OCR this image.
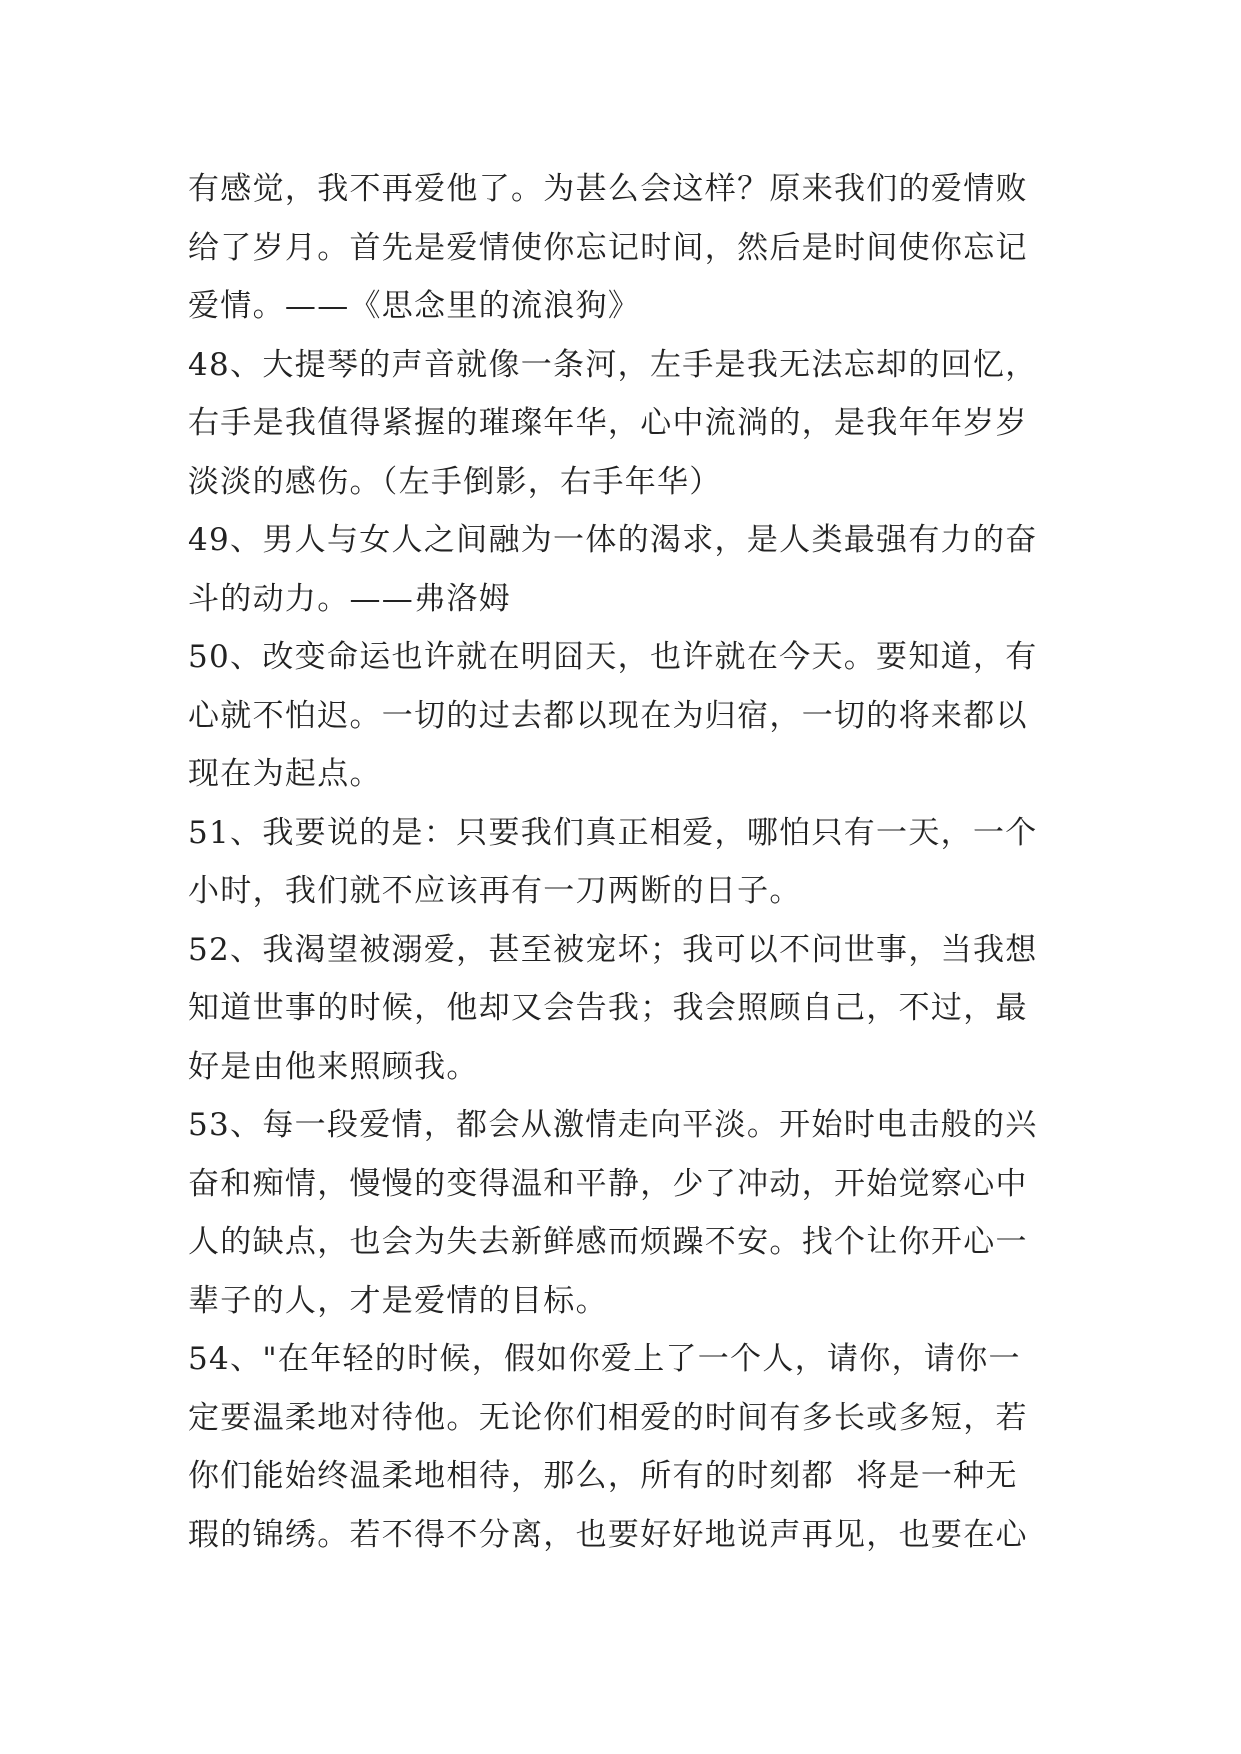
有感觉，我不再爱他了。为甚么会这样？原来我们的爱情败
给了岁月。首先是爱情使你忘记时间，然后是时间使你忘记
爱情。——《思念里的流浪狗》
48、大提琴的声音就像一条河，左手是我无法忘却的回忆，
右手是我值得紧握的璀璨年华，心中流淌的，是我年年岁岁
淡淡的感伤。（左手倒影，右手年华）
49、男人与女人之间融为一体的渴求，是人类最强有力的奋
斗的动力。——弗洛姆
50、改变命运也许就在明囧天，也许就在今天。要知道，有
心就不怕迟。一切的过去都以现在为归宿，一切的将来都以
现在为起点。
51、我要说的是：只要我们真正相爱，哪怕只有一天，一个
小时，我们就不应该再有一刀两断的日子。
52、我渴望被溺爱，甚至被宠坏；我可以不问世事，当我想
知道世事的时候，他却又会告我；我会照顾自己，不过，最
好是由他来照顾我。
53、每一段爱情，都会从激情走向平淡。开始时电击般的兴
奋和痴情，慢慢的变得温和平静，少了冲动，开始觉察心中
人的缺点，也会为失去新鲜感而烦躁不安。找个让你开心一
辈子的人，才是爱情的目标。
54、"在年轻的时候，假如你爱上了一个人，请你，请你一
定要温柔地对待他。无论你们相爱的时间有多长或多短，若
你们能始终温柔地相待，那么，所有的时刻都  将是一种无
瑕的锦绣。若不得不分离，也要好好地说声再见，也要在心
